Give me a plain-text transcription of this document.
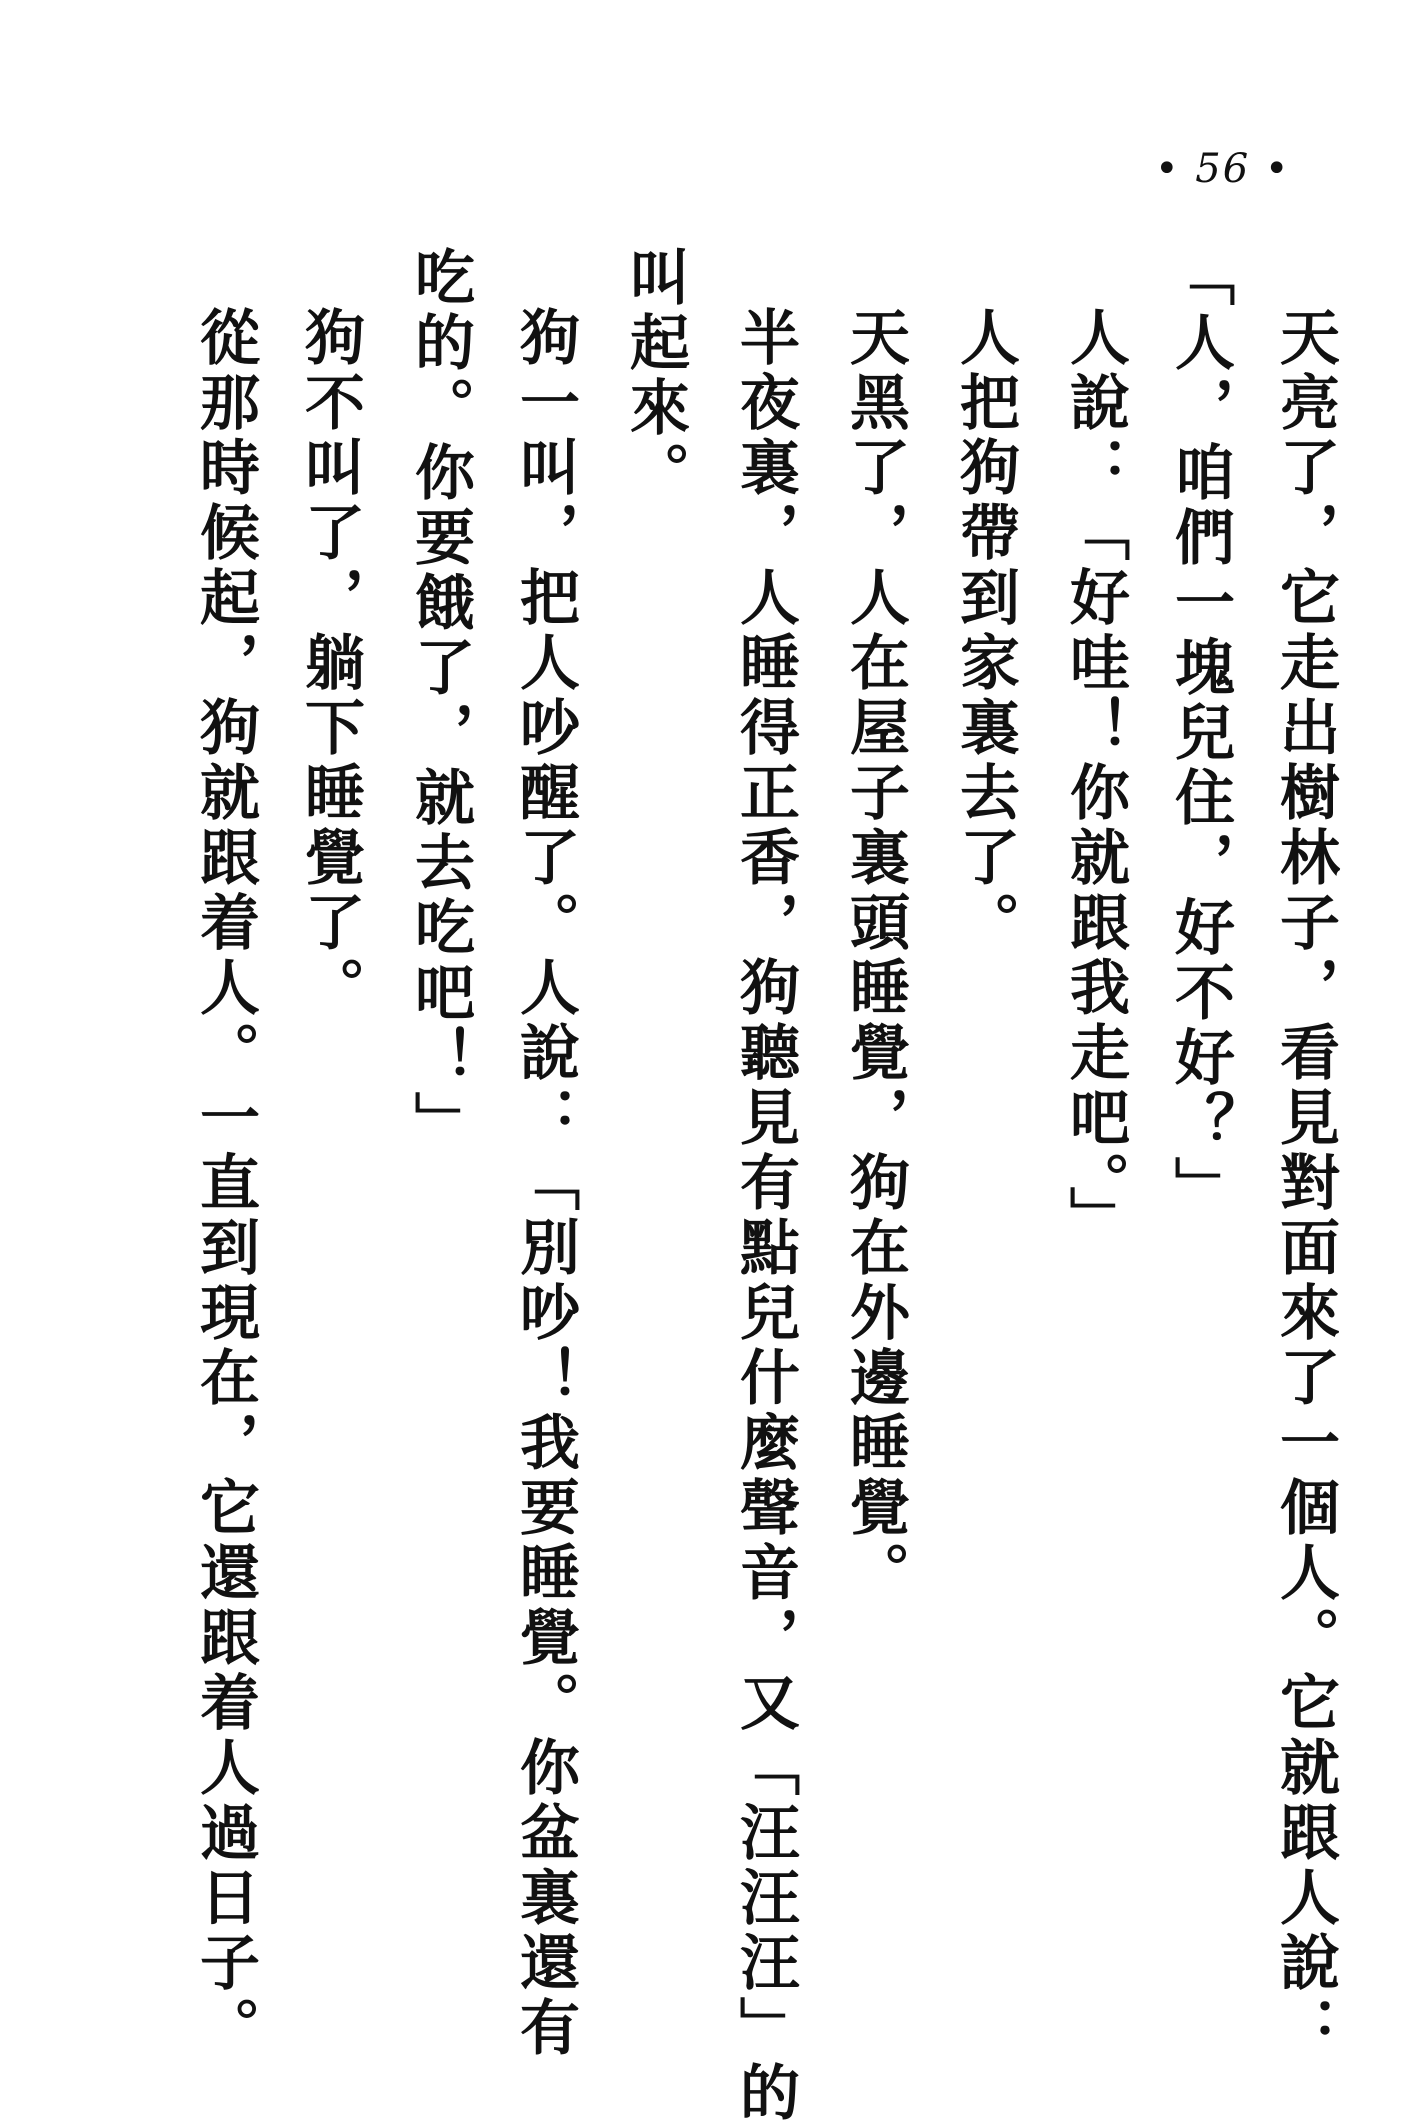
• 56 •
天亮了，它走出樹林子，看見對面來了一個人。它就跟人說：
「人，咱們一塊兒住，好不好？」
人說：「好哇！你就跟我走吧。」
人把狗帶到家裏去了。
天黑了，人在屋子裏頭睡覺，狗在外邊睡覺。
半夜裏，人睡得正香，狗聽見有點兒什麼聲音，又「汪汪汪」的
叫起來。
狗一叫，把人吵醒了。人說：「別吵！我要睡覺。你盆裏還有
吃的。你要餓了，就去吃吧！」
狗不叫了，躺下睡覺了。
從那時候起，狗就跟着人。一直到現在，它還跟着人過日子。
